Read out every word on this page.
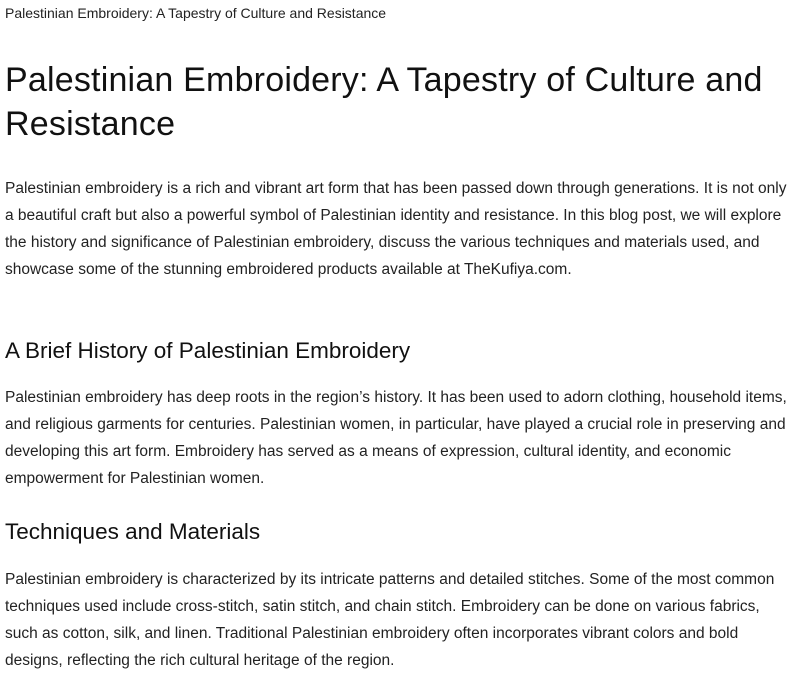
Palestinian Embroidery: A Tapestry of Culture and Resistance
Palestinian Embroidery: A Tapestry of Culture and Resistance

Palestinian embroidery is a rich and vibrant art form that has been passed down through generations. It is not only a beautiful craft but also a powerful symbol of Palestinian identity and resistance. In this blog post, we will explore the history and significance of Palestinian embroidery, discuss the various techniques and materials used, and showcase some of the stunning embroidered products available at TheKufiya.com.

A Brief History of Palestinian Embroidery

Palestinian embroidery has deep roots in the region’s history. It has been used to adorn clothing, household items, and religious garments for centuries. Palestinian women, in particular, have played a crucial role in preserving and developing this art form. Embroidery has served as a means of expression, cultural identity, and economic empowerment for Palestinian women.

Techniques and Materials

Palestinian embroidery is characterized by its intricate patterns and detailed stitches. Some of the most common techniques used include cross-stitch, satin stitch, and chain stitch. Embroidery can be done on various fabrics, such as cotton, silk, and linen. Traditional Palestinian embroidery often incorporates vibrant colors and bold designs, reflecting the rich cultural heritage of the region.
